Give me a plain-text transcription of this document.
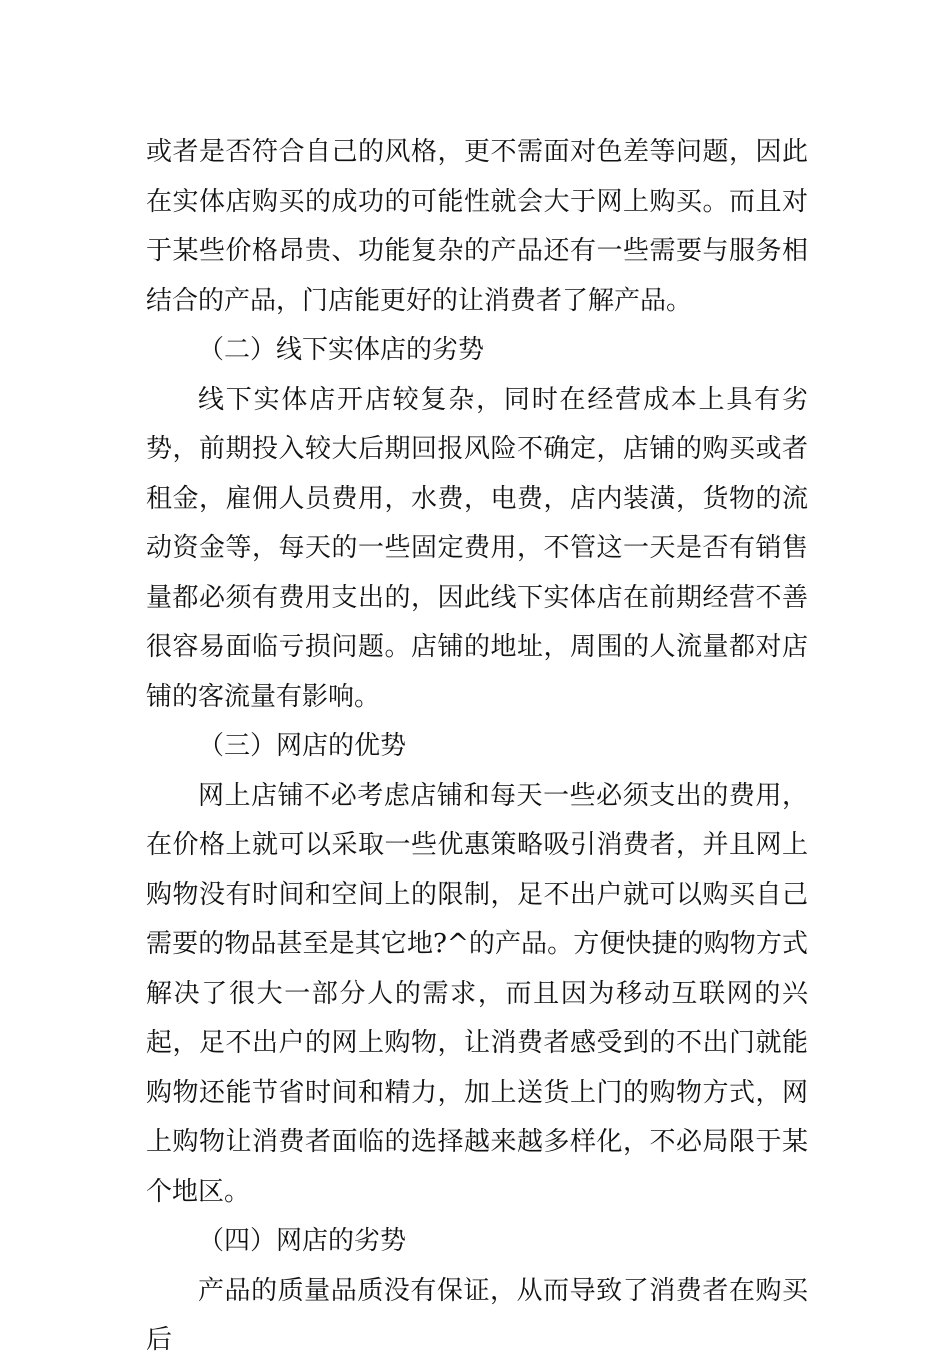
或者是否符合自己的风格，更不需面对色差等问题，因此在实体店购买的成功的可能性就会大于网上购买。而且对于某些价格昂贵、功能复杂的产品还有一些需要与服务相结合的产品，门店能更好的让消费者了解产品。

（二）线下实体店的劣势

线下实体店开店较复杂，同时在经营成本上具有劣势，前期投入较大后期回报风险不确定，店铺的购买或者租金，雇佣人员费用，水费，电费，店内装潢，货物的流动资金等，每天的一些固定费用，不管这一天是否有销售量都必须有费用支出的，因此线下实体店在前期经营不善很容易面临亏损问题。店铺的地址，周围的人流量都对店铺的客流量有影响。

（三）网店的优势

网上店铺不必考虑店铺和每天一些必须支出的费用，在价格上就可以采取一些优惠策略吸引消费者，并且网上购物没有时间和空间上的限制，足不出户就可以购买自己需要的物品甚至是其它地?^的产品。方便快捷的购物方式解决了很大一部分人的需求，而且因为移动互联网的兴起，足不出户的网上购物，让消费者感受到的不出门就能购物还能节省时间和精力，加上送货上门的购物方式，网上购物让消费者面临的选择越来越多样化，不必局限于某个地区。

（四）网店的劣势

产品的质量品质没有保证，从而导致了消费者在购买后
